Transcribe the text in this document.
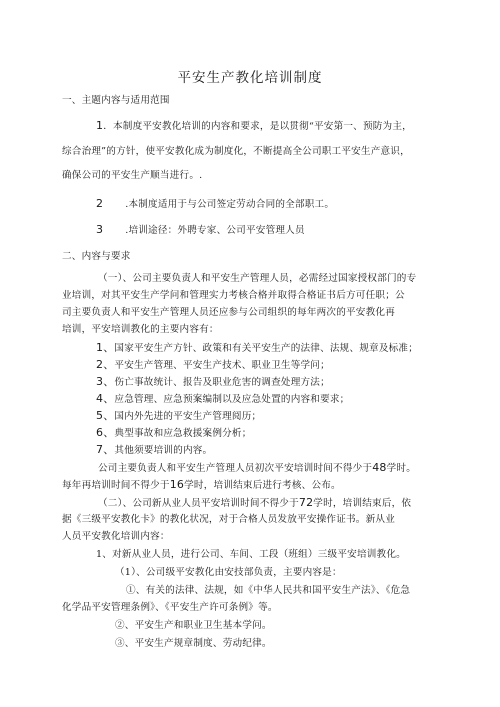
平安生产教化培训制度
一、主题内容与适用范围
1．本制度平安教化培训的内容和要求，是以贯彻“平安第一、预防为主，
综合治理”的方针，使平安教化成为制度化，不断提高全公司职工平安生产意识，
确保公司的平安生产顺当进行。.
2 .本制度适用于与公司签定劳动合同的全部职工。
3 .培训途径：外聘专家、公司平安管理人员
二、内容与要求
（一）、公司主要负责人和平安生产管理人员，必需经过国家授权部门的专
业培训，对其平安生产学问和管理实力考核合格并取得合格证书后方可任职；公
司主要负责人和平安生产管理人员还应参与公司组织的每年两次的平安教化再
培训，平安培训教化的主要内容有：
1、国家平安生产方针、政策和有关平安生产的法律、法规、规章及标准；
2、平安生产管理、平安生产技术、职业卫生等学问；
3、伤亡事故统计、报告及职业危害的调查处理方法；
4、应急管理、应急预案编制以及应急处置的内容和要求；
5、国内外先进的平安生产管理阅历；
6、典型事故和应急救援案例分析；
7、其他须要培训的内容。
公司主要负责人和平安生产管理人员初次平安培训时间不得少于48学时。
每年再培训时间不得少于16学时，培训结束后进行考核、公布。
（二）、公司新从业人员平安培训时间不得少于72学时，培训结束后，依
据《三级平安教化卡》的教化状况，对于合格人员发放平安操作证书。新从业
人员平安教化培训内容：
1、对新从业人员，进行公司、车间、工段（班组）三级平安培训教化。
（1）、公司级平安教化由安技部负责，主要内容是：
①、有关的法律、法规，如《中华人民共和国平安生产法》、《危急
化学品平安管理条例》、《平安生产许可条例》等。
②、平安生产和职业卫生基本学问。
③、平安生产规章制度、劳动纪律。
